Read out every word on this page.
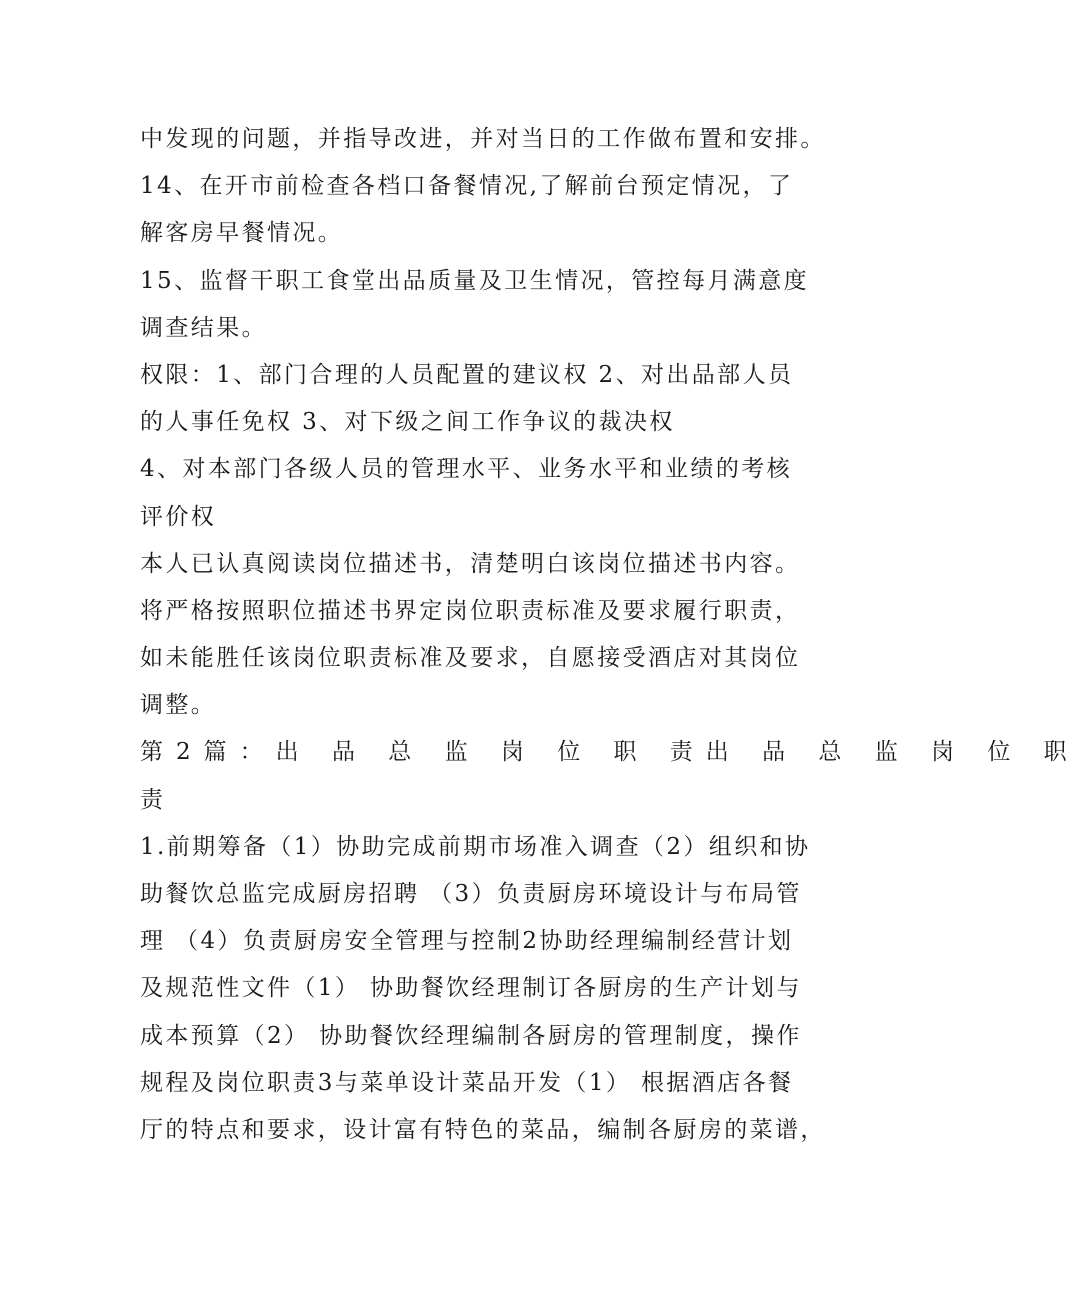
中发现的问题，并指导改进，并对当日的工作做布置和安排。
14、在开市前检查各档口备餐情况,了解前台预定情况，了
解客房早餐情况。
15、监督干职工食堂出品质量及卫生情况，管控每月满意度
调查结果。
权限：1、部门合理的人员配置的建议权 2、对出品部人员
的人事任免权 3、对下级之间工作争议的裁决权
4、对本部门各级人员的管理水平、业务水平和业绩的考核
评价权
本人已认真阅读岗位描述书，清楚明白该岗位描述书内容。
将严格按照职位描述书界定岗位职责标准及要求履行职责，
如未能胜任该岗位职责标准及要求，自愿接受酒店对其岗位
调整。
第2篇：出 品 总 监 岗 位 职 责出 品 总 监 岗 位 职
责
1.前期筹备（1）协助完成前期市场准入调查（2）组织和协
助餐饮总监完成厨房招聘 （3）负责厨房环境设计与布局管
理 （4）负责厨房安全管理与控制2协助经理编制经营计划
及规范性文件（1） 协助餐饮经理制订各厨房的生产计划与
成本预算（2） 协助餐饮经理编制各厨房的管理制度，操作
规程及岗位职责3与菜单设计菜品开发（1） 根据酒店各餐
厅的特点和要求，设计富有特色的菜品，编制各厨房的菜谱，
